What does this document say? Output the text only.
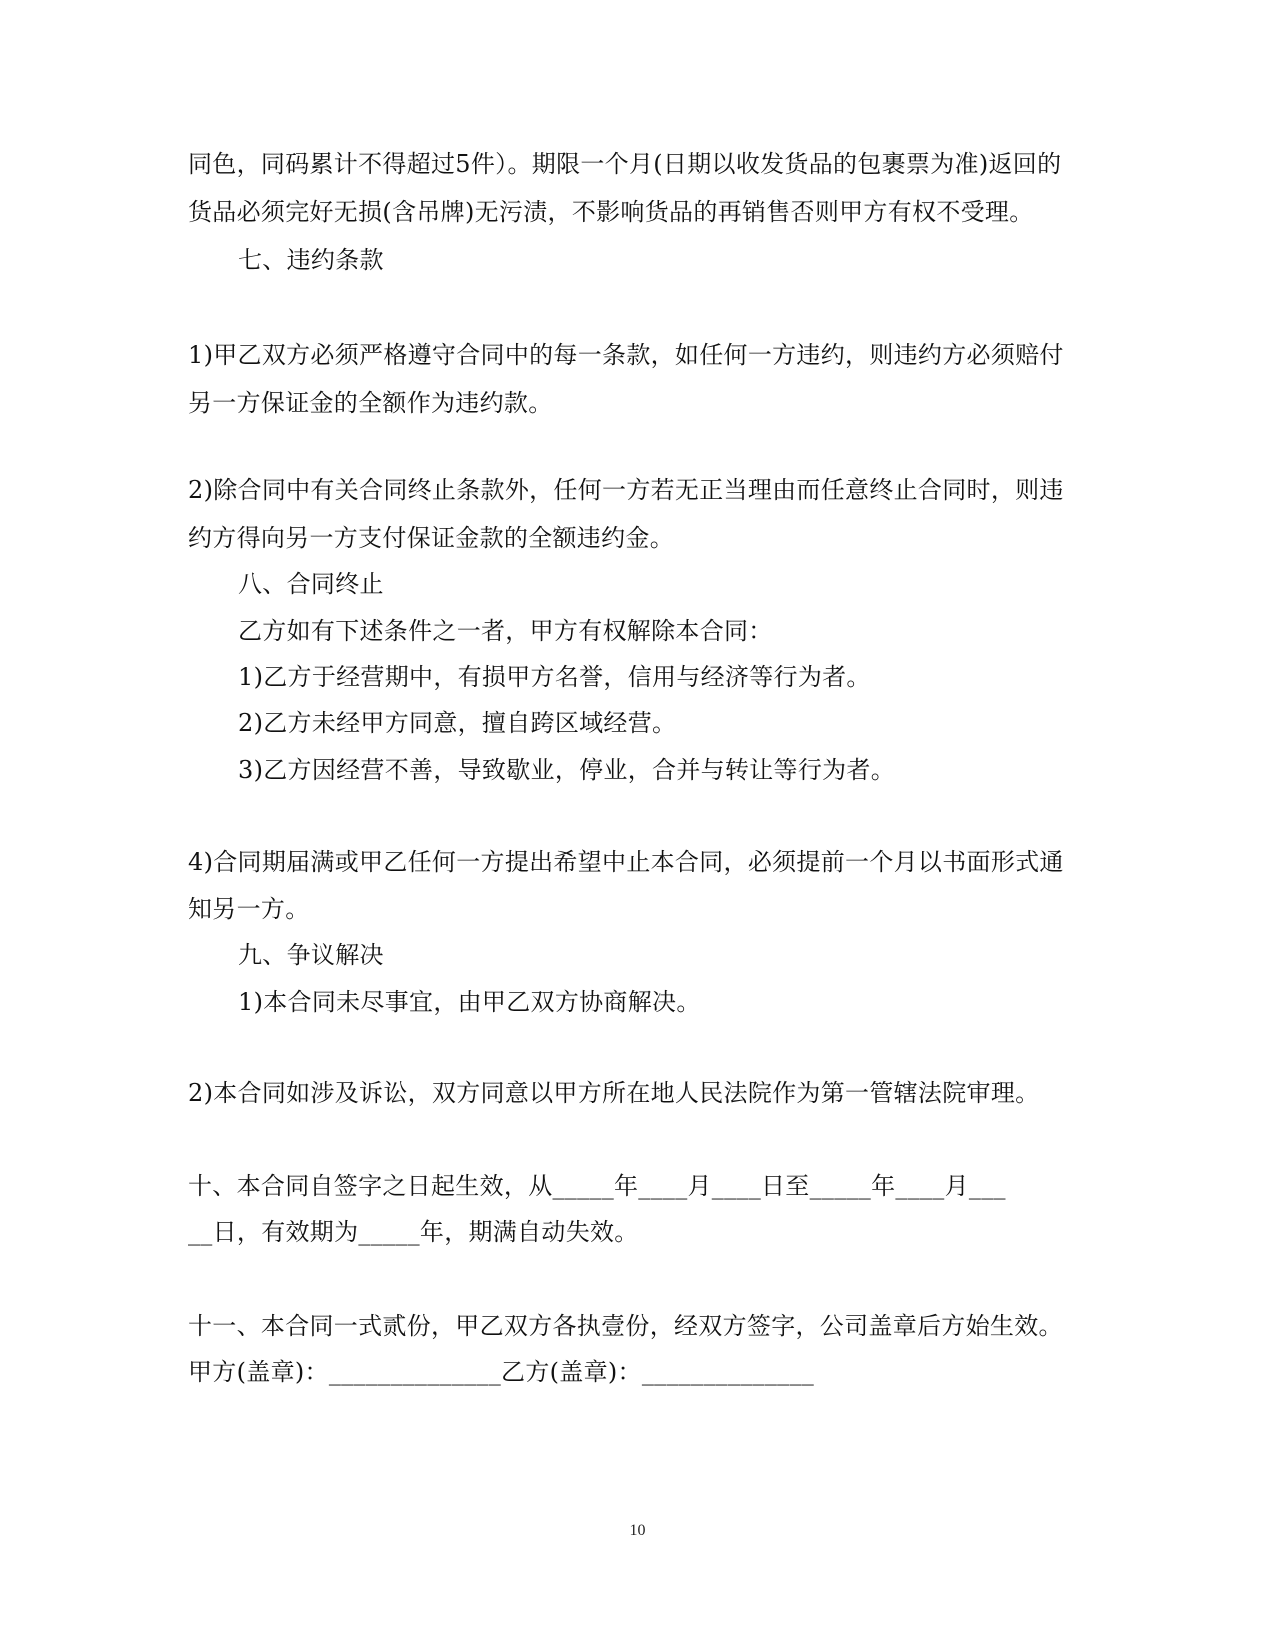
同色，同码累计不得超过5件）。期限一个月(日期以收发货品的包裹票为准)返回的
货品必须完好无损(含吊牌)无污渍，不影响货品的再销售否则甲方有权不受理。
七、违约条款
1)甲乙双方必须严格遵守合同中的每一条款，如任何一方违约，则违约方必须赔付
另一方保证金的全额作为违约款。
2)除合同中有关合同终止条款外，任何一方若无正当理由而任意终止合同时，则违
约方得向另一方支付保证金款的全额违约金。
八、合同终止
乙方如有下述条件之一者，甲方有权解除本合同：
1)乙方于经营期中，有损甲方名誉，信用与经济等行为者。
2)乙方未经甲方同意，擅自跨区域经营。
3)乙方因经营不善，导致歇业，停业，合并与转让等行为者。
4)合同期届满或甲乙任何一方提出希望中止本合同，必须提前一个月以书面形式通
知另一方。
九、争议解决
1)本合同未尽事宜，由甲乙双方协商解决。
2)本合同如涉及诉讼，双方同意以甲方所在地人民法院作为第一管辖法院审理。
十、本合同自签字之日起生效，从_____年____月____日至_____年____月___
__日，有效期为_____年，期满自动失效。
十一、本合同一式贰份，甲乙双方各执壹份，经双方签字，公司盖章后方始生效。
甲方(盖章)：______________乙方(盖章)：______________
10
